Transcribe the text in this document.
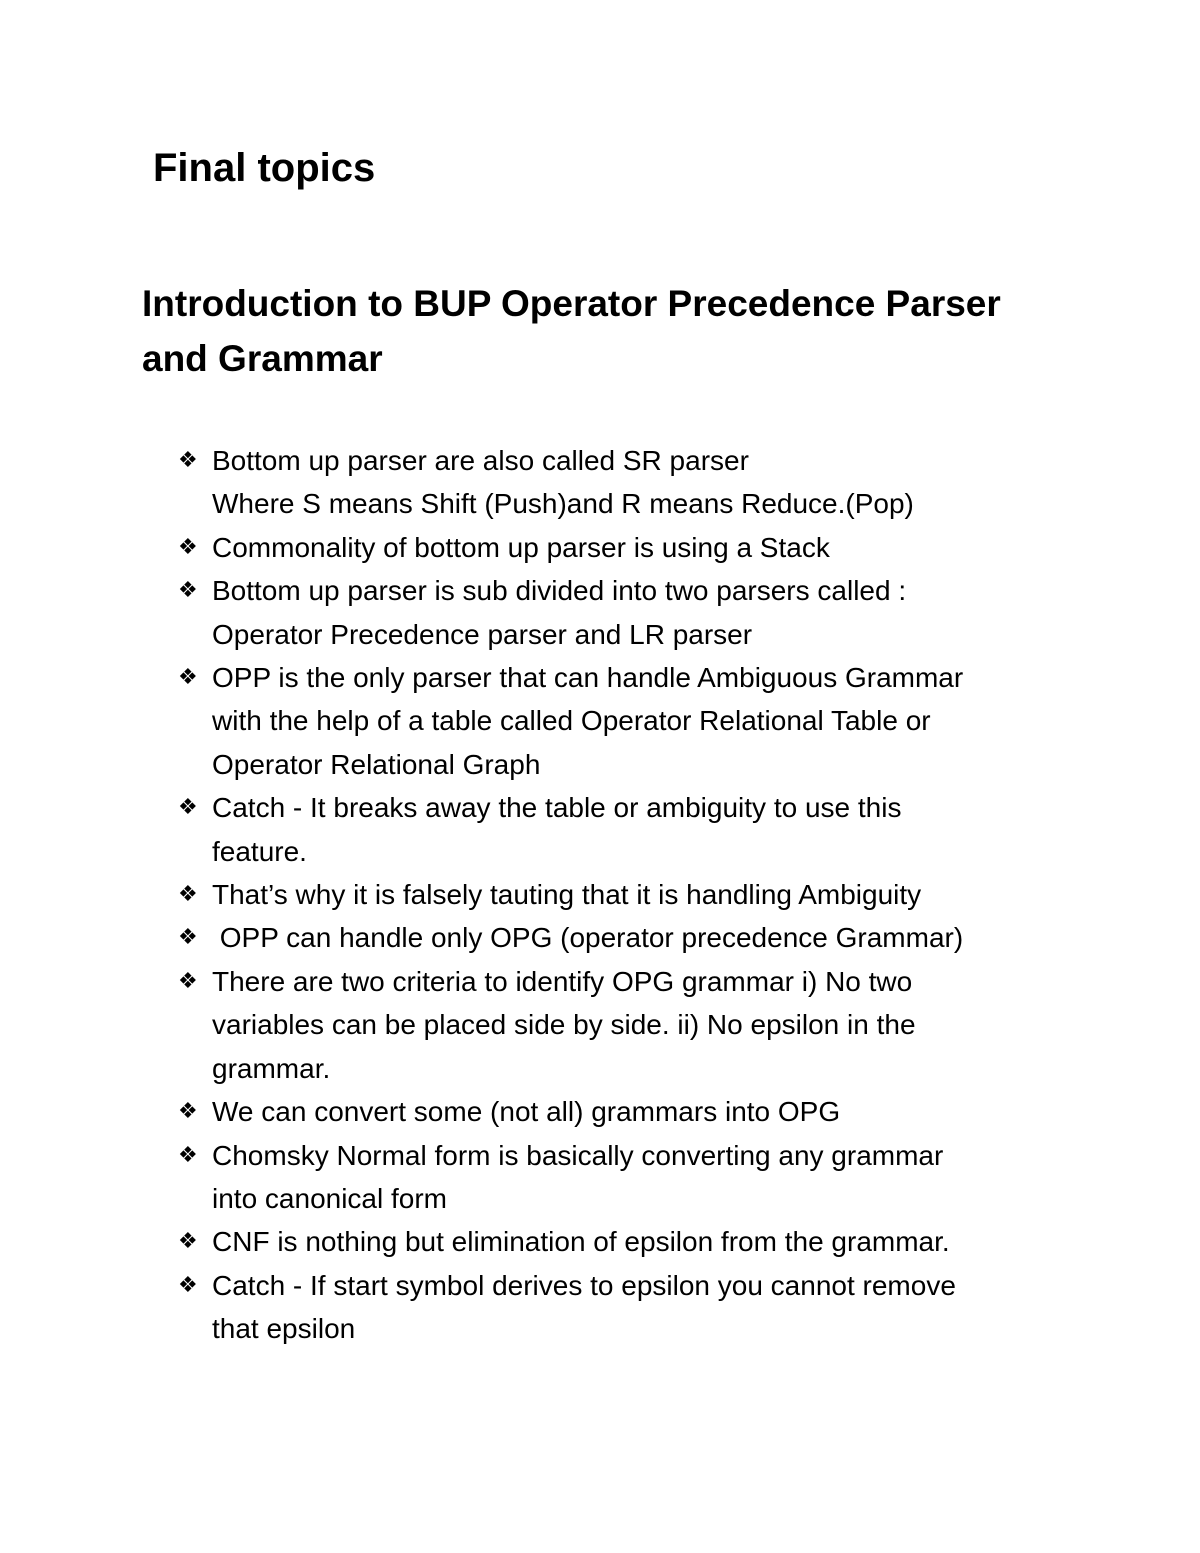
Final topics
Introduction to BUP Operator Precedence Parser
and Grammar
❖ Bottom up parser are also called SR parser
Where S means Shift (Push)and R means Reduce.(Pop)
❖ Commonality of bottom up parser is using a Stack
❖ Bottom up parser is sub divided into two parsers called :
Operator Precedence parser and LR parser
❖ OPP is the only parser that can handle Ambiguous Grammar
with the help of a table called Operator Relational Table or
Operator Relational Graph
❖ Catch - It breaks away the table or ambiguity to use this
feature.
❖ That’s why it is falsely tauting that it is handling Ambiguity
❖ OPP can handle only OPG (operator precedence Grammar)
❖ There are two criteria to identify OPG grammar i) No two
variables can be placed side by side. ii) No epsilon in the
grammar.
❖ We can convert some (not all) grammars into OPG
❖ Chomsky Normal form is basically converting any grammar
into canonical form
❖ CNF is nothing but elimination of epsilon from the grammar.
❖ Catch - If start symbol derives to epsilon you cannot remove
that epsilon
